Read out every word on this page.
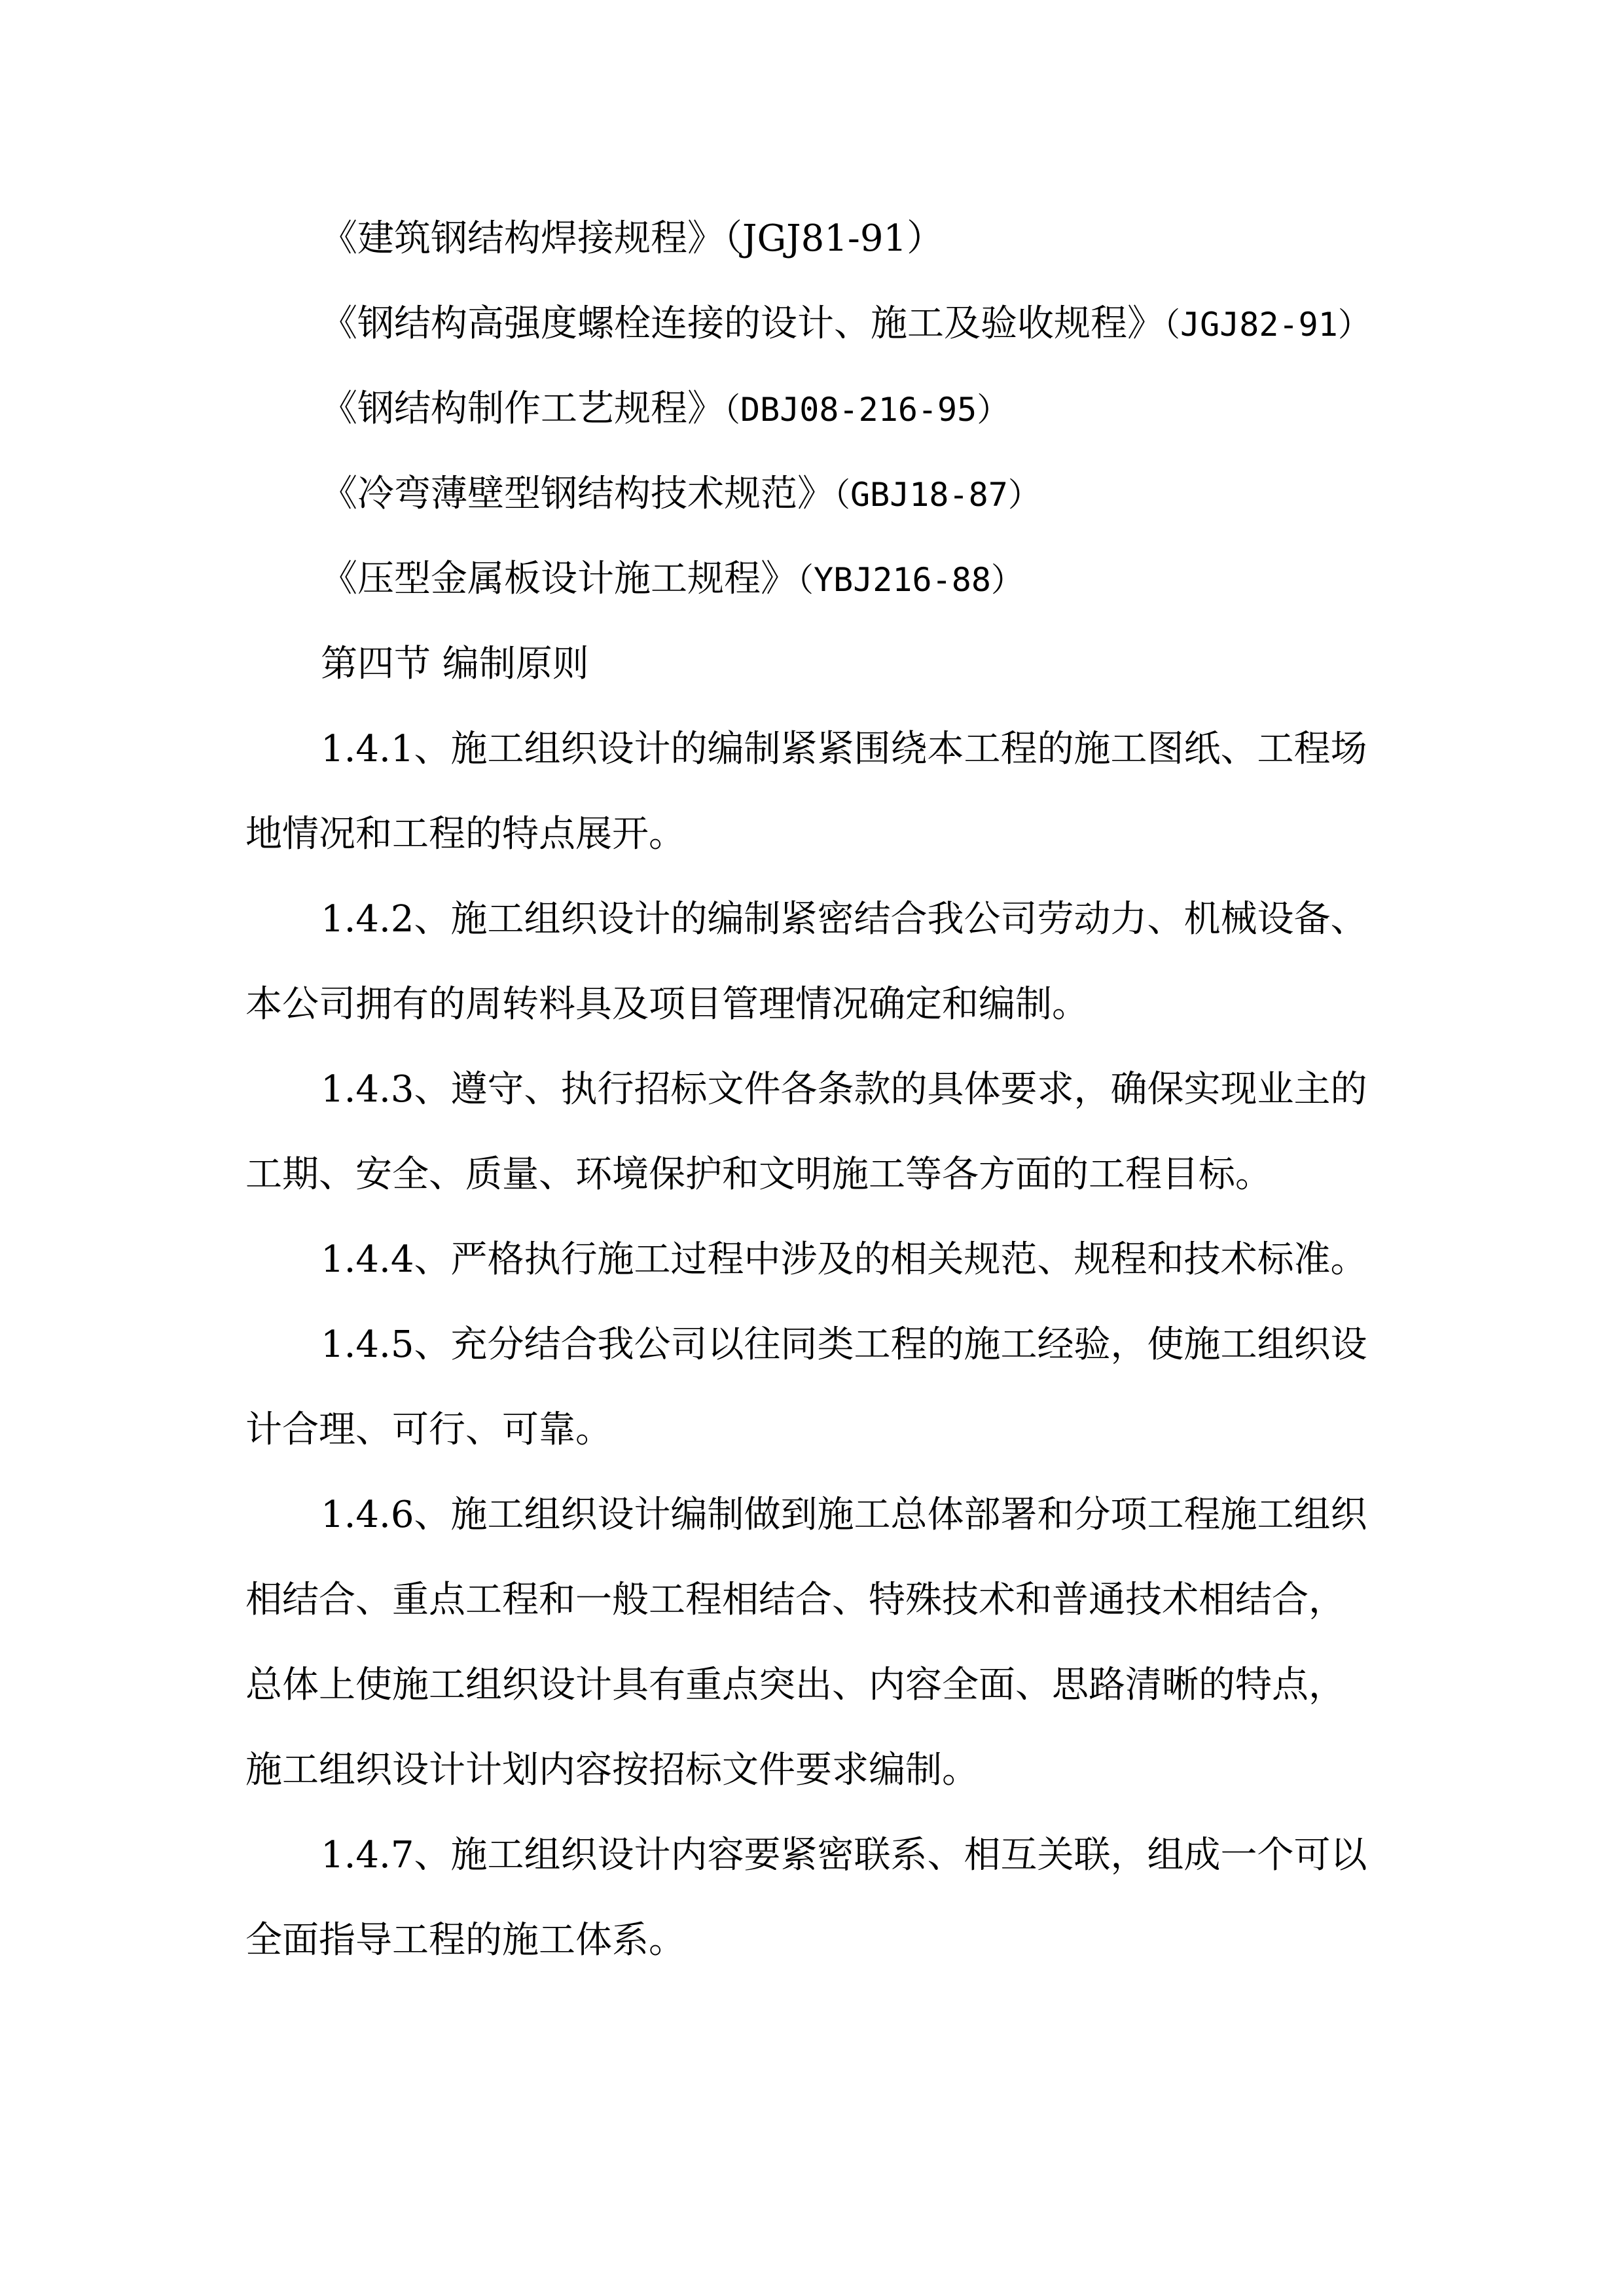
《建筑钢结构焊接规程》（JGJ81-91）
《钢结构高强度螺栓连接的设计、施工及验收规程》（JGJ82-91）
《钢结构制作工艺规程》（DBJ08-216-95）
《冷弯薄壁型钢结构技术规范》（GBJ18-87）
《压型金属板设计施工规程》（YBJ216-88）
第四节 编制原则
1.4.1、施工组织设计的编制紧紧围绕本工程的施工图纸、工程场
地情况和工程的特点展开。
1.4.2、施工组织设计的编制紧密结合我公司劳动力、机械设备、
本公司拥有的周转料具及项目管理情况确定和编制。
1.4.3、遵守、执行招标文件各条款的具体要求，确保实现业主的
工期、安全、质量、环境保护和文明施工等各方面的工程目标。
1.4.4、严格执行施工过程中涉及的相关规范、规程和技术标准。
1.4.5、充分结合我公司以往同类工程的施工经验，使施工组织设
计合理、可行、可靠。
1.4.6、施工组织设计编制做到施工总体部署和分项工程施工组织
相结合、重点工程和一般工程相结合、特殊技术和普通技术相结合，
总体上使施工组织设计具有重点突出、内容全面、思路清晰的特点，
施工组织设计计划内容按招标文件要求编制。
1.4.7、施工组织设计内容要紧密联系、相互关联，组成一个可以
全面指导工程的施工体系。
